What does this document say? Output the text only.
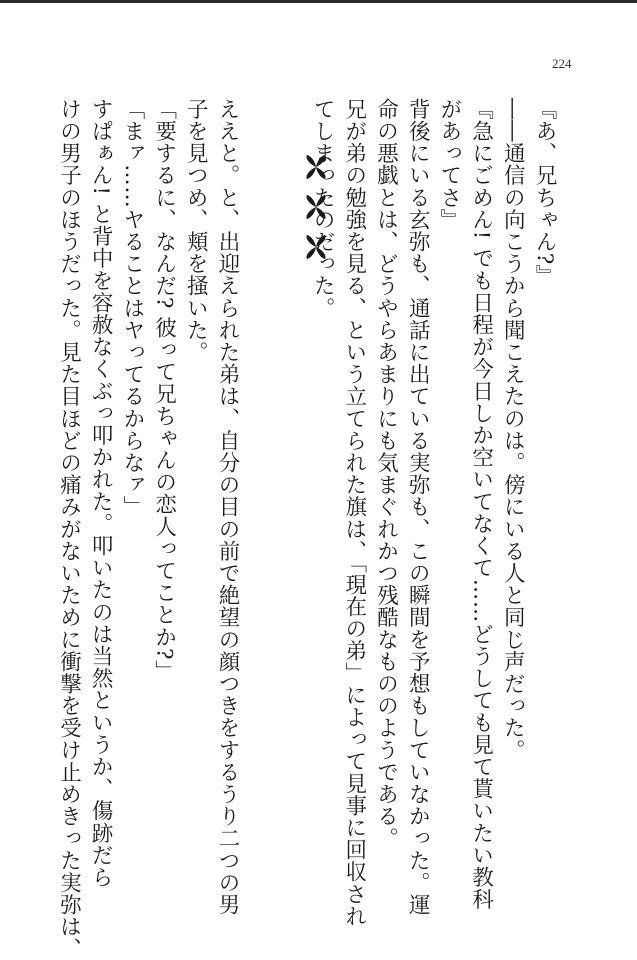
224
『あ、兄ちゃん?』
――通信の向こうから聞こえたのは。傍にいる人と同じ声だった。
『急にごめん! でも日程が今日しか空いてなくて……どうしても見て貰いたい教科
があってさ』
背後にいる玄弥も、通話に出ている実弥も、この瞬間を予想もしていなかった。運
命の悪戯とは、どうやらあまりにも気まぐれかつ残酷なもののようである。
兄が弟の勉強を見る、という立てられた旗は、「現在の弟」によって見事に回収され
てしまったのだった。

ええと。と、出迎えられた弟は、自分の目の前で絶望の顔つきをするうり二つの男
子を見つめ、頬を掻いた。
「要するに、なんだ? 彼って兄ちゃんの恋人ってことか?」
「まァ……ヤることはヤってるからなァ」
すぱぁん! と背中を容赦なくぶっ叩かれた。叩いたのは当然というか、傷跡だら
けの男子のほうだった。見た目ほどの痛みがないために衝撃を受け止めきった実弥は、
